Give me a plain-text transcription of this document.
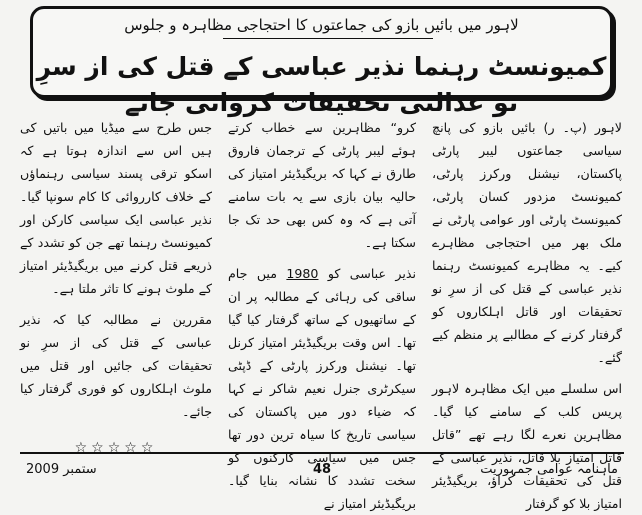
لاہور میں بائیں بازو کی جماعتوں کا احتجاجی مظاہرہ و جلوس
کمیونسٹ رہنما نذیر عباسی کے قتل کی از سرِ نو عدالتی تحقیقات کروائی جائے

لاہور (پ۔ ر) بائیں بازو کی پانچ سیاسی جماعتوں لیبر پارٹی پاکستان، نیشنل ورکرز پارٹی، کمیونسٹ مزدور کسان پارٹی، کمیونسٹ پارٹی اور عوامی پارٹی نے ملک بھر میں احتجاجی مظاہرے کیے۔ یہ مظاہرے کمیونسٹ رہنما نذیر عباسی کے قتل کی از سرِ نو تحقیقات اور قاتل اہلکاروں کو گرفتار کرنے کے مطالبے پر منظم کیے گئے۔

اس سلسلے میں ایک مظاہرہ لاہور پریس کلب کے سامنے کیا گیا۔ مظاہرین نعرے لگا رہے تھے ”قاتل قاتل امتیاز بلا قاتل، نذیر عباسی کے قتل کی تحقیقات کراؤ، بریگیڈیئر امتیاز بلا کو گرفتار

کرو“ مظاہرین سے خطاب کرتے ہوئے لیبر پارٹی کے ترجمان فاروق طارق نے کہا کہ بریگیڈیئر امتیاز کی حالیہ بیان بازی سے یہ بات سامنے آتی ہے کہ وہ کس بھی حد تک جا سکتا ہے۔

نذیر عباسی کو 1980 میں جام ساقی کی رہائی کے مطالبہ پر ان کے ساتھیوں کے ساتھ گرفتار کیا گیا تھا۔ اس وقت بریگیڈیئر امتیاز کرنل تھا۔ نیشنل ورکرز پارٹی کے ڈپٹی سیکرٹری جنرل نعیم شاکر نے کہا کہ ضیاء دور میں پاکستان کی سیاسی تاریخ کا سیاہ ترین دور تھا جس میں سیاسی کارکنوں کو سخت تشدد کا نشانہ بنایا گیا۔ بریگیڈیئر امتیاز نے

جس طرح سے میڈیا میں باتیں کی ہیں اس سے اندازہ ہوتا ہے کہ اسکو ترقی پسند سیاسی رہنماؤں کے خلاف کارروائی کا کام سونپا گیا۔ نذیر عباسی ایک سیاسی کارکن اور کمیونسٹ رہنما تھے جن کو تشدد کے ذریعے قتل کرنے میں بریگیڈیئر امتیاز کے ملوث ہونے کا تاثر ملتا ہے۔

مقررین نے مطالبہ کیا کہ نذیر عباسی کے قتل کی از سرِ نو تحقیقات کی جائیں اور قتل میں ملوث اہلکاروں کو فوری گرفتار کیا جائے۔

☆☆☆☆☆
ستمبر 2009	48	ماہنامہ عوامی جمہوریت
